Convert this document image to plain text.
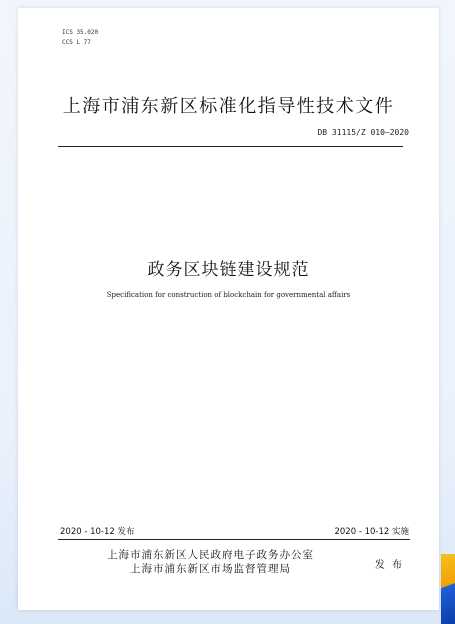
ICS 35.020
CCS L 77
上海市浦东新区标准化指导性技术文件
DB 31115/Z 010—2020
政务区块链建设规范
Specification for construction of blockchain for governmental affairs
2020 - 10-12 发布	2020 - 10-12 实施
上海市浦东新区人民政府电子政务办公室
上海市浦东新区市场监督管理局	发 布
